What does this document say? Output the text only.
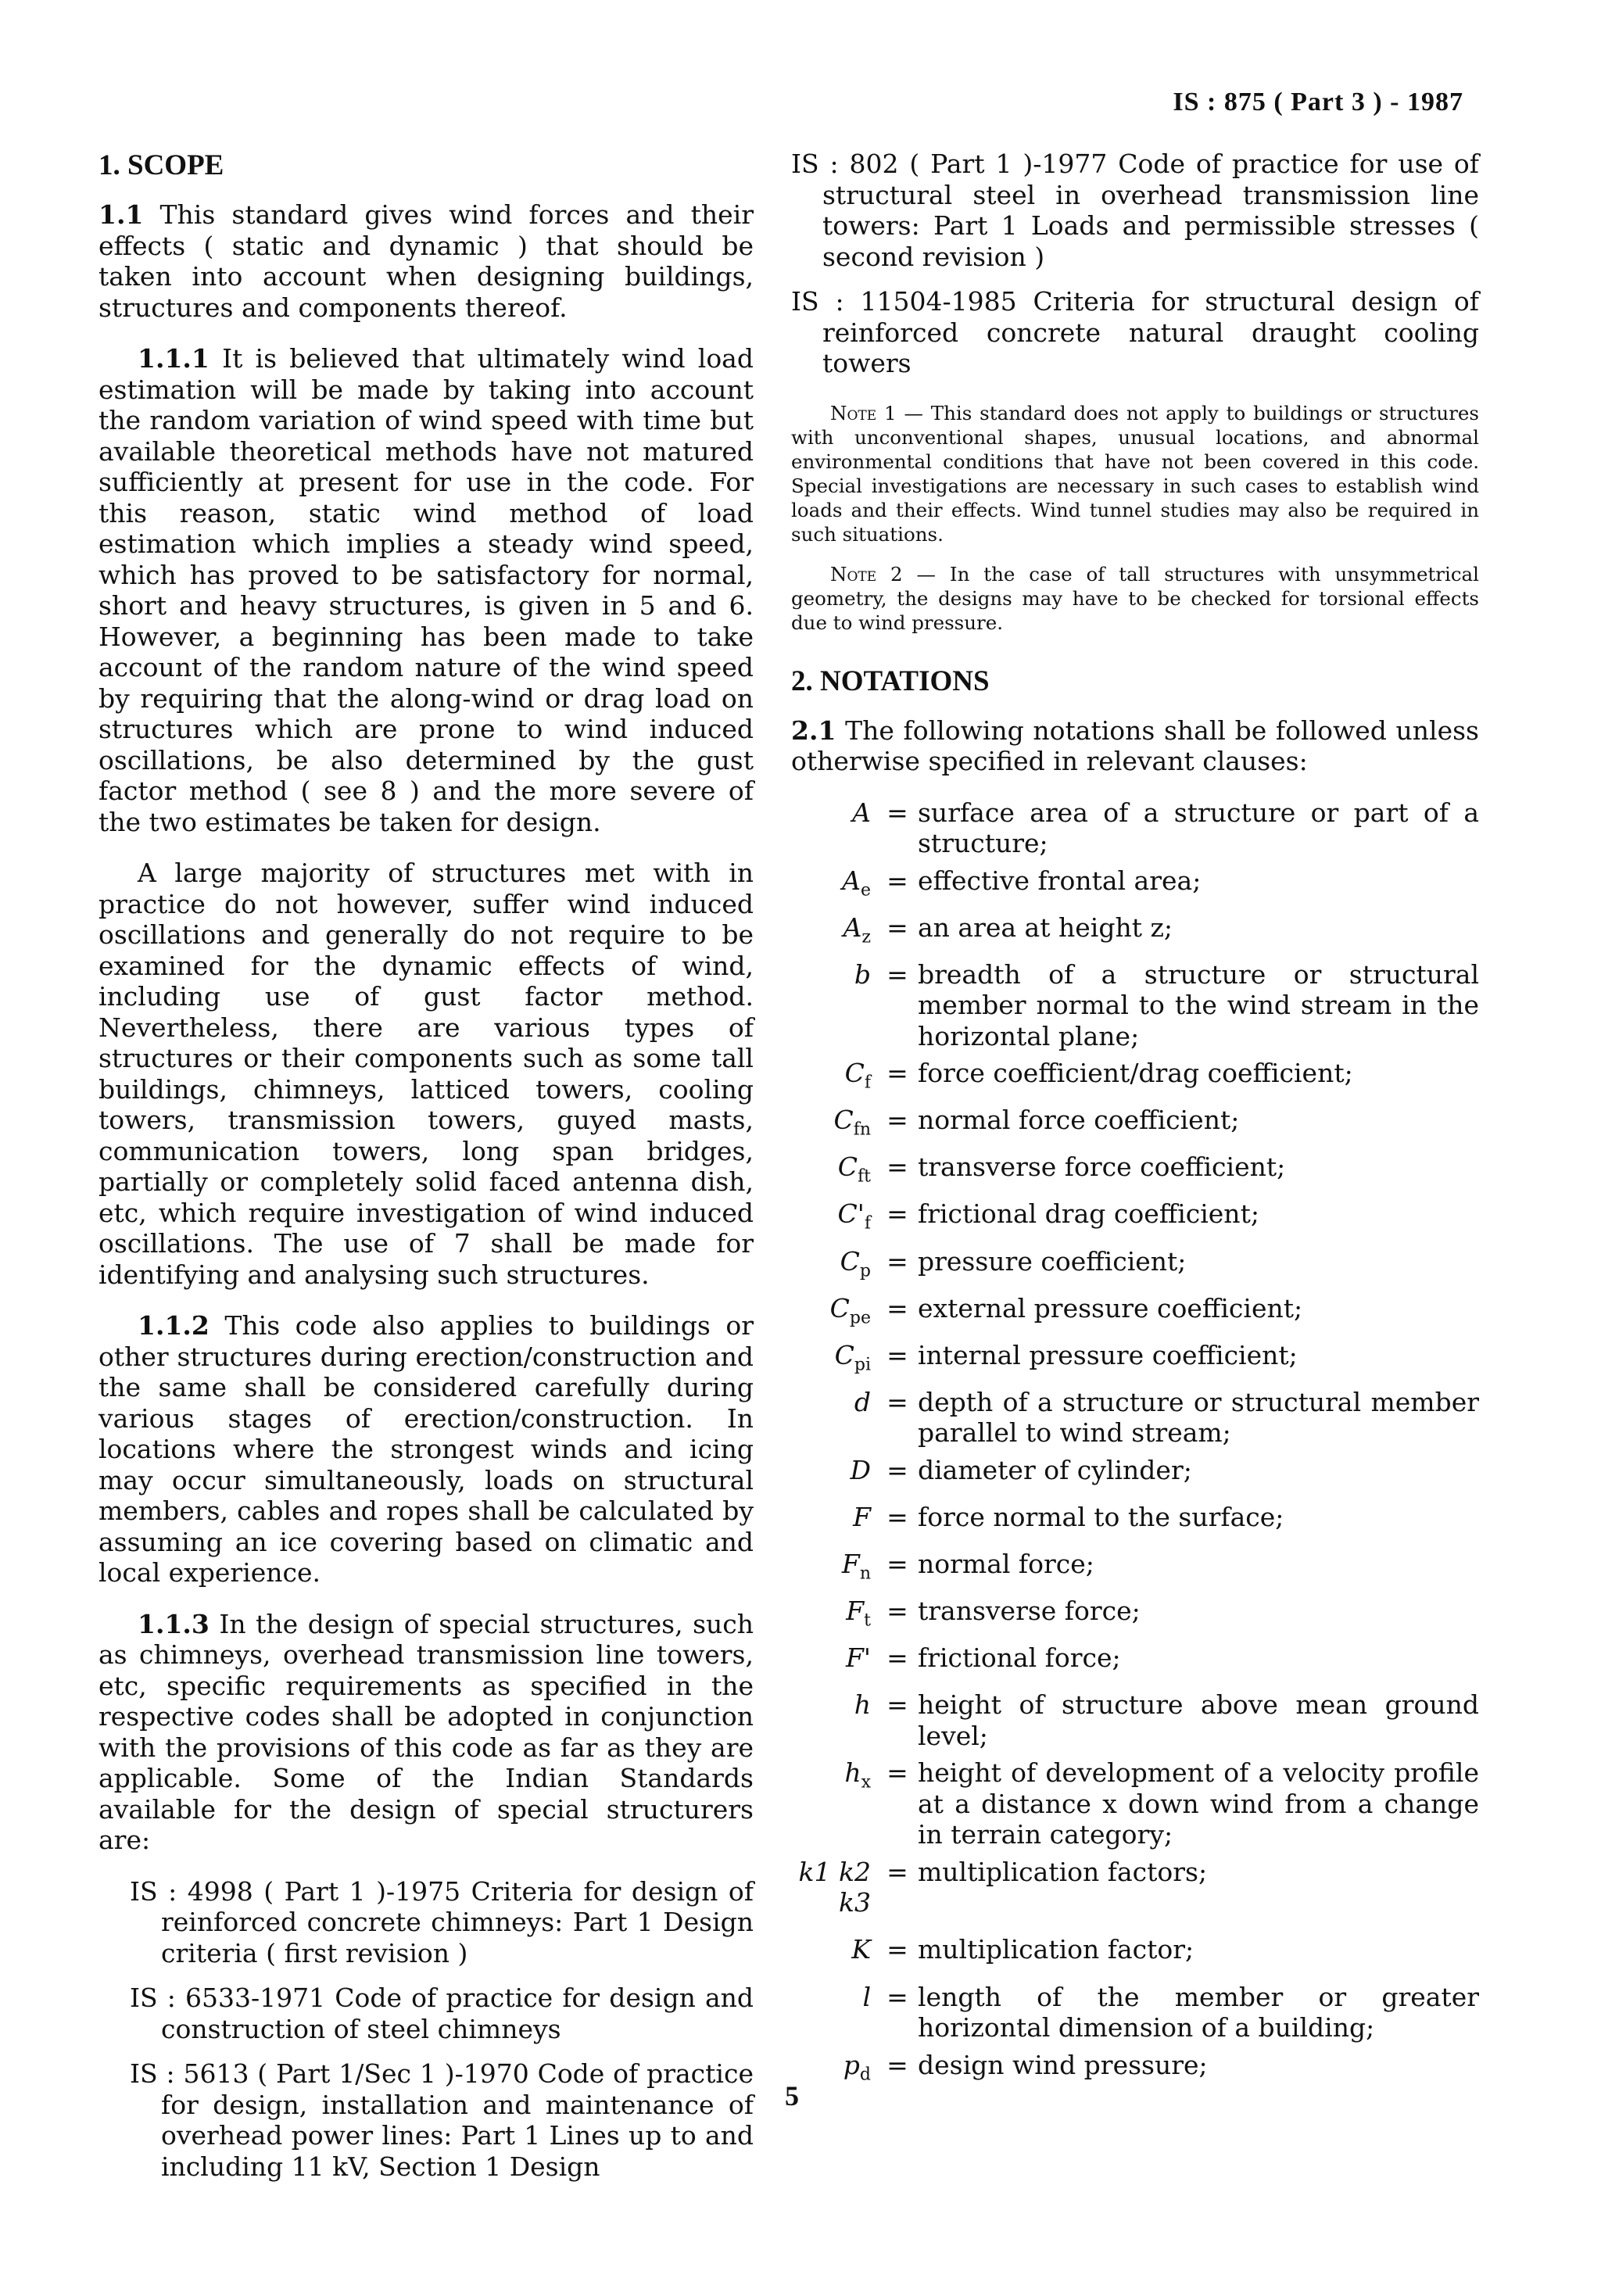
IS : 875 ( Part 3 ) - 1987
1. SCOPE

1.1 This standard gives wind forces and their effects ( static and dynamic ) that should be taken into account when designing buildings, structures and components thereof.

1.1.1 It is believed that ultimately wind load estimation will be made by taking into account the random variation of wind speed with time but available theoretical methods have not matured sufficiently at present for use in the code. For this reason, static wind method of load estimation which implies a steady wind speed, which has proved to be satisfactory for normal, short and heavy structures, is given in 5 and 6. However, a beginning has been made to take account of the random nature of the wind speed by requiring that the along-wind or drag load on structures which are prone to wind induced oscillations, be also determined by the gust factor method ( see 8 ) and the more severe of the two estimates be taken for design.

A large majority of structures met with in practice do not however, suffer wind induced oscillations and generally do not require to be examined for the dynamic effects of wind, including use of gust factor method. Nevertheless, there are various types of structures or their components such as some tall buildings, chimneys, latticed towers, cooling towers, transmission towers, guyed masts, communication towers, long span bridges, partially or completely solid faced antenna dish, etc, which require investigation of wind induced oscillations. The use of 7 shall be made for identifying and analysing such structures.

1.1.2 This code also applies to buildings or other structures during erection/construction and the same shall be considered carefully during various stages of erection/construction. In locations where the strongest winds and icing may occur simultaneously, loads on structural members, cables and ropes shall be calculated by assuming an ice covering based on climatic and local experience.

1.1.3 In the design of special structures, such as chimneys, overhead transmission line towers, etc, specific requirements as specified in the respective codes shall be adopted in conjunction with the provisions of this code as far as they are applicable. Some of the Indian Standards available for the design of special structurers are:

IS : 4998 ( Part 1 )-1975 Criteria for design of reinforced concrete chimneys: Part 1 Design criteria ( first revision )
IS : 6533-1971 Code of practice for design and construction of steel chimneys
IS : 5613 ( Part 1/Sec 1 )-1970 Code of practice for design, installation and maintenance of overhead power lines: Part 1 Lines up to and including 11 kV, Section 1 Design
IS : 802 ( Part 1 )-1977 Code of practice for use of structural steel in overhead transmission line towers: Part 1 Loads and permissible stresses ( second revision )
IS : 11504-1985 Criteria for structural design of reinforced concrete natural draught cooling towers

Note 1 — This standard does not apply to buildings or structures with unconventional shapes, unusual locations, and abnormal environmental conditions that have not been covered in this code. Special investigations are necessary in such cases to establish wind loads and their effects. Wind tunnel studies may also be required in such situations.

Note 2 — In the case of tall structures with unsymmetrical geometry, the designs may have to be checked for torsional effects due to wind pressure.

2. NOTATIONS

2.1 The following notations shall be followed unless otherwise specified in relevant clauses:

A = surface area of a structure or part of a structure;
$A_e$ = effective frontal area;
$A_z$ = an area at height z;
b = breadth of a structure or structural member normal to the wind stream in the horizontal plane;
$C_f$ = force coefficient/drag coefficient;
$C_{fn}$ = normal force coefficient;
$C_{ft}$ = transverse force coefficient;
$C'_f$ = frictional drag coefficient;
$C_p$ = pressure coefficient;
$C_{pe}$ = external pressure coefficient;
$C_{pi}$ = internal pressure coefficient;
d = depth of a structure or structural member parallel to wind stream;
D = diameter of cylinder;
F = force normal to the surface;
$F_n$ = normal force;
$F_t$ = transverse force;
F' = frictional force;
h = height of structure above mean ground level;
$h_x$ = height of development of a velocity profile at a distance x down wind from a change in terrain category;
k1 k2 k3
= multiplication factors;
K = multiplication factor;
l = length of the member or greater horizontal dimension of a building;
$p_d$ = design wind pressure;
5
